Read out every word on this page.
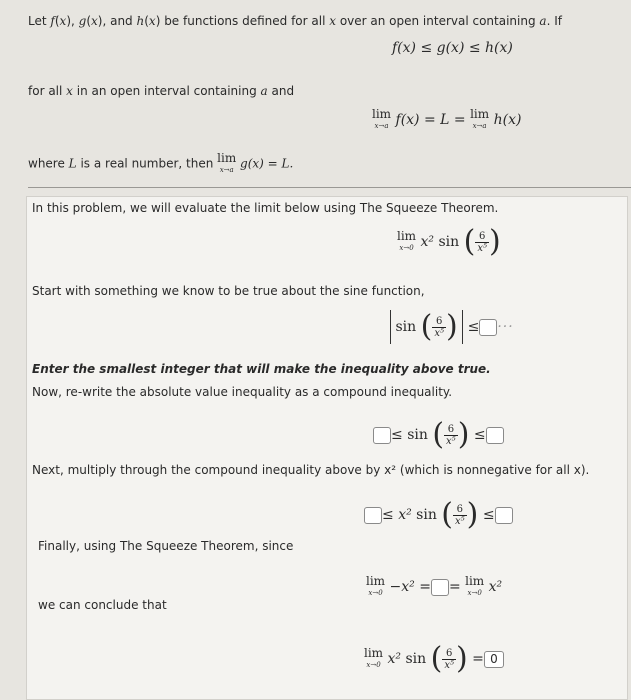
Let f(x), g(x), and h(x) be functions defined for all x over an open interval containing a. If
f(x) ≤ g(x) ≤ h(x)
for all x in an open interval containing a and
lim
x→a f(x) = L = lim
x→a h(x)
where L is a real number, then lim
x→a g(x) = L.
In this problem, we will evaluate the limit below using The Squeeze Theorem.
lim
x→0 x² sin ( $\frac{6}{\text{x⁵}}$ )
Start with something we know to be true about the sine function,
sin ( $\frac{6}{\text{x⁵}}$ ) ≤ ···
Enter the smallest integer that will make the inequality above true.
Now, re-write the absolute value inequality as a compound inequality.
≤ sin ( $\frac{6}{\text{x⁵}}$ ) ≤
Next, multiply through the compound inequality above by x² (which is nonnegative for all x).
≤ x² sin ( $\frac{6}{\text{x⁵}}$ ) ≤
Finally, using The Squeeze Theorem, since
lim
x→0 −x² = = lim
x→0 x²
we can conclude that
lim
x→0 x² sin ( $\frac{6}{\text{x⁵}}$ ) = 0
